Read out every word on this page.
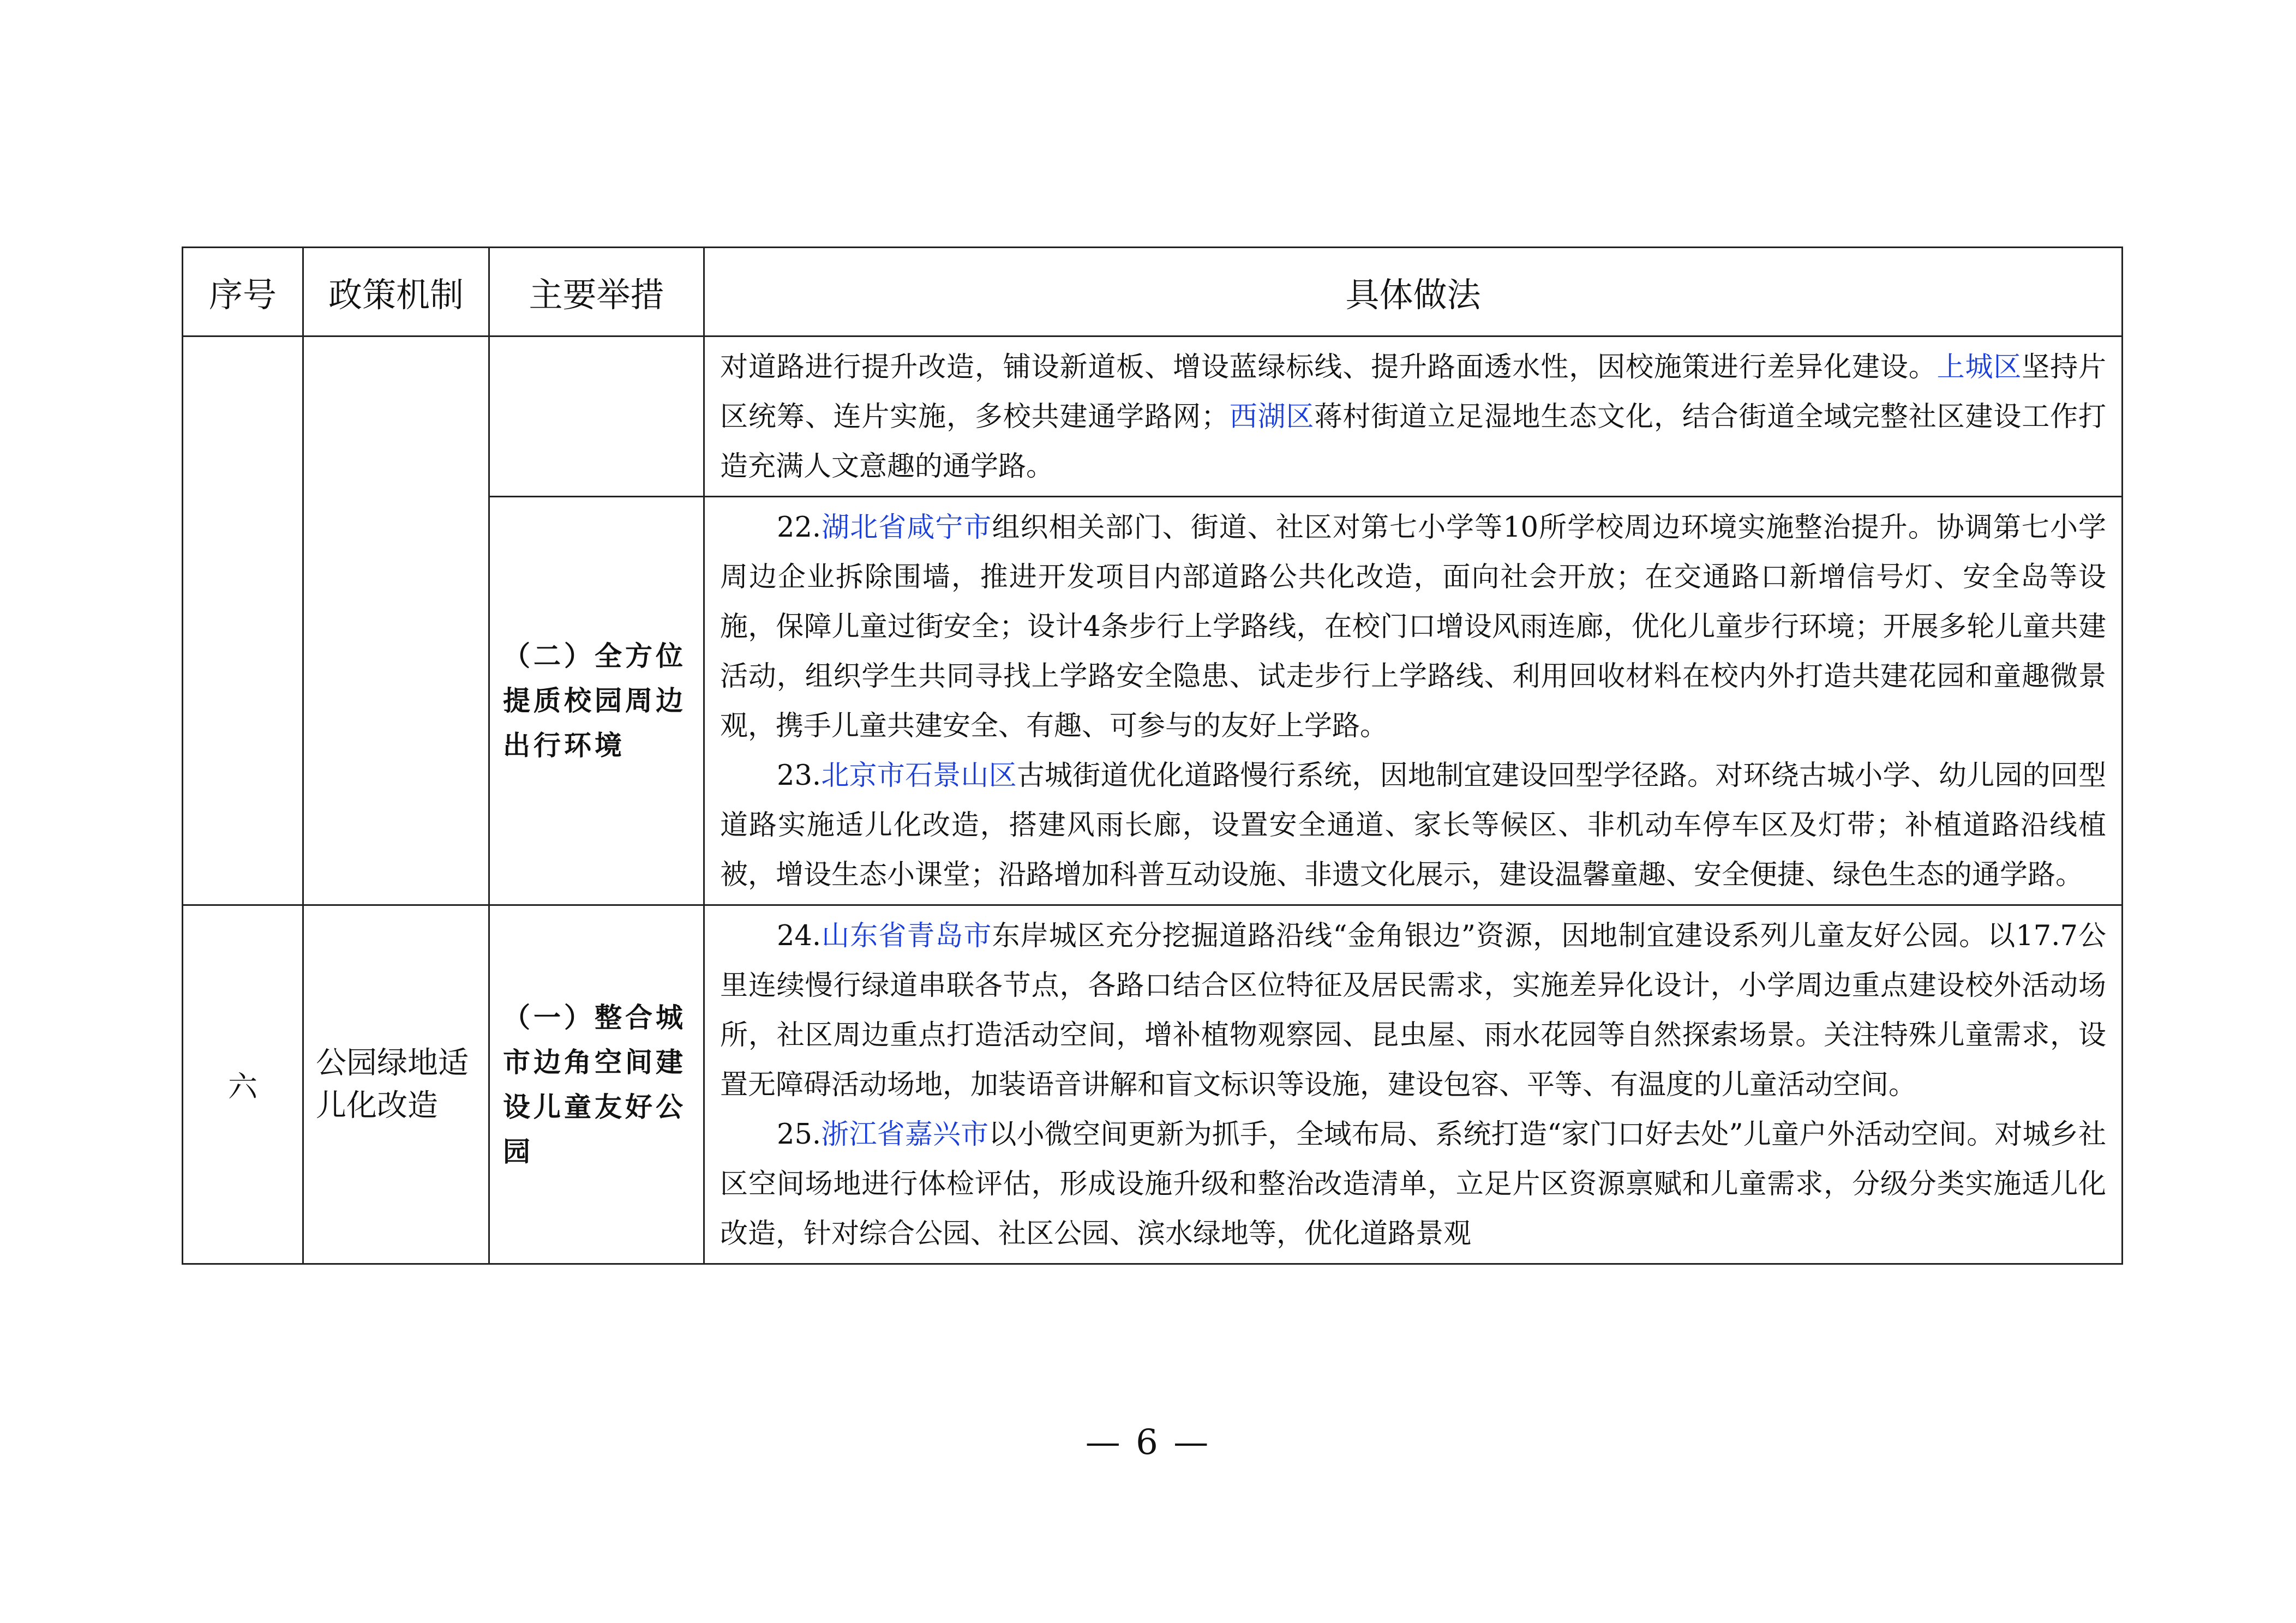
序号	政策机制	主要举措	具体做法

			对道路进行提升改造，铺设新道板、增设蓝绿标线、提升路面透水性，因校施策进行差异化建设。上城区坚持片区统筹、连片实施，多校共建通学路网；西湖区蒋村街道立足湿地生态文化，结合街道全域完整社区建设工作打造充满人文意趣的通学路。

		（二）全方位提质校园周边出行环境	22.湖北省咸宁市组织相关部门、街道、社区对第七小学等10所学校周边环境实施整治提升。协调第七小学周边企业拆除围墙，推进开发项目内部道路公共化改造，面向社会开放；在交通路口新增信号灯、安全岛等设施，保障儿童过街安全；设计4条步行上学路线，在校门口增设风雨连廊，优化儿童步行环境；开展多轮儿童共建活动，组织学生共同寻找上学路安全隐患、试走步行上学路线、利用回收材料在校内外打造共建花园和童趣微景观，携手儿童共建安全、有趣、可参与的友好上学路。

23.北京市石景山区古城街道优化道路慢行系统，因地制宜建设回型学径路。对环绕古城小学、幼儿园的回型道路实施适儿化改造，搭建风雨长廊，设置安全通道、家长等候区、非机动车停车区及灯带；补植道路沿线植被，增设生态小课堂；沿路增加科普互动设施、非遗文化展示，建设温馨童趣、安全便捷、绿色生态的通学路。

六	公园绿地适儿化改造	（一）整合城市边角空间建设儿童友好公园	24.山东省青岛市东岸城区充分挖掘道路沿线“金角银边”资源，因地制宜建设系列儿童友好公园。以17.7公里连续慢行绿道串联各节点，各路口结合区位特征及居民需求，实施差异化设计，小学周边重点建设校外活动场所，社区周边重点打造活动空间，增补植物观察园、昆虫屋、雨水花园等自然探索场景。关注特殊儿童需求，设置无障碍活动场地，加装语音讲解和盲文标识等设施，建设包容、平等、有温度的儿童活动空间。

25.浙江省嘉兴市以小微空间更新为抓手，全域布局、系统打造“家门口好去处”儿童户外活动空间。对城乡社区空间场地进行体检评估，形成设施升级和整治改造清单，立足片区资源禀赋和儿童需求，分级分类实施适儿化改造，针对综合公园、社区公园、滨水绿地等，优化道路景观

— 6 —
